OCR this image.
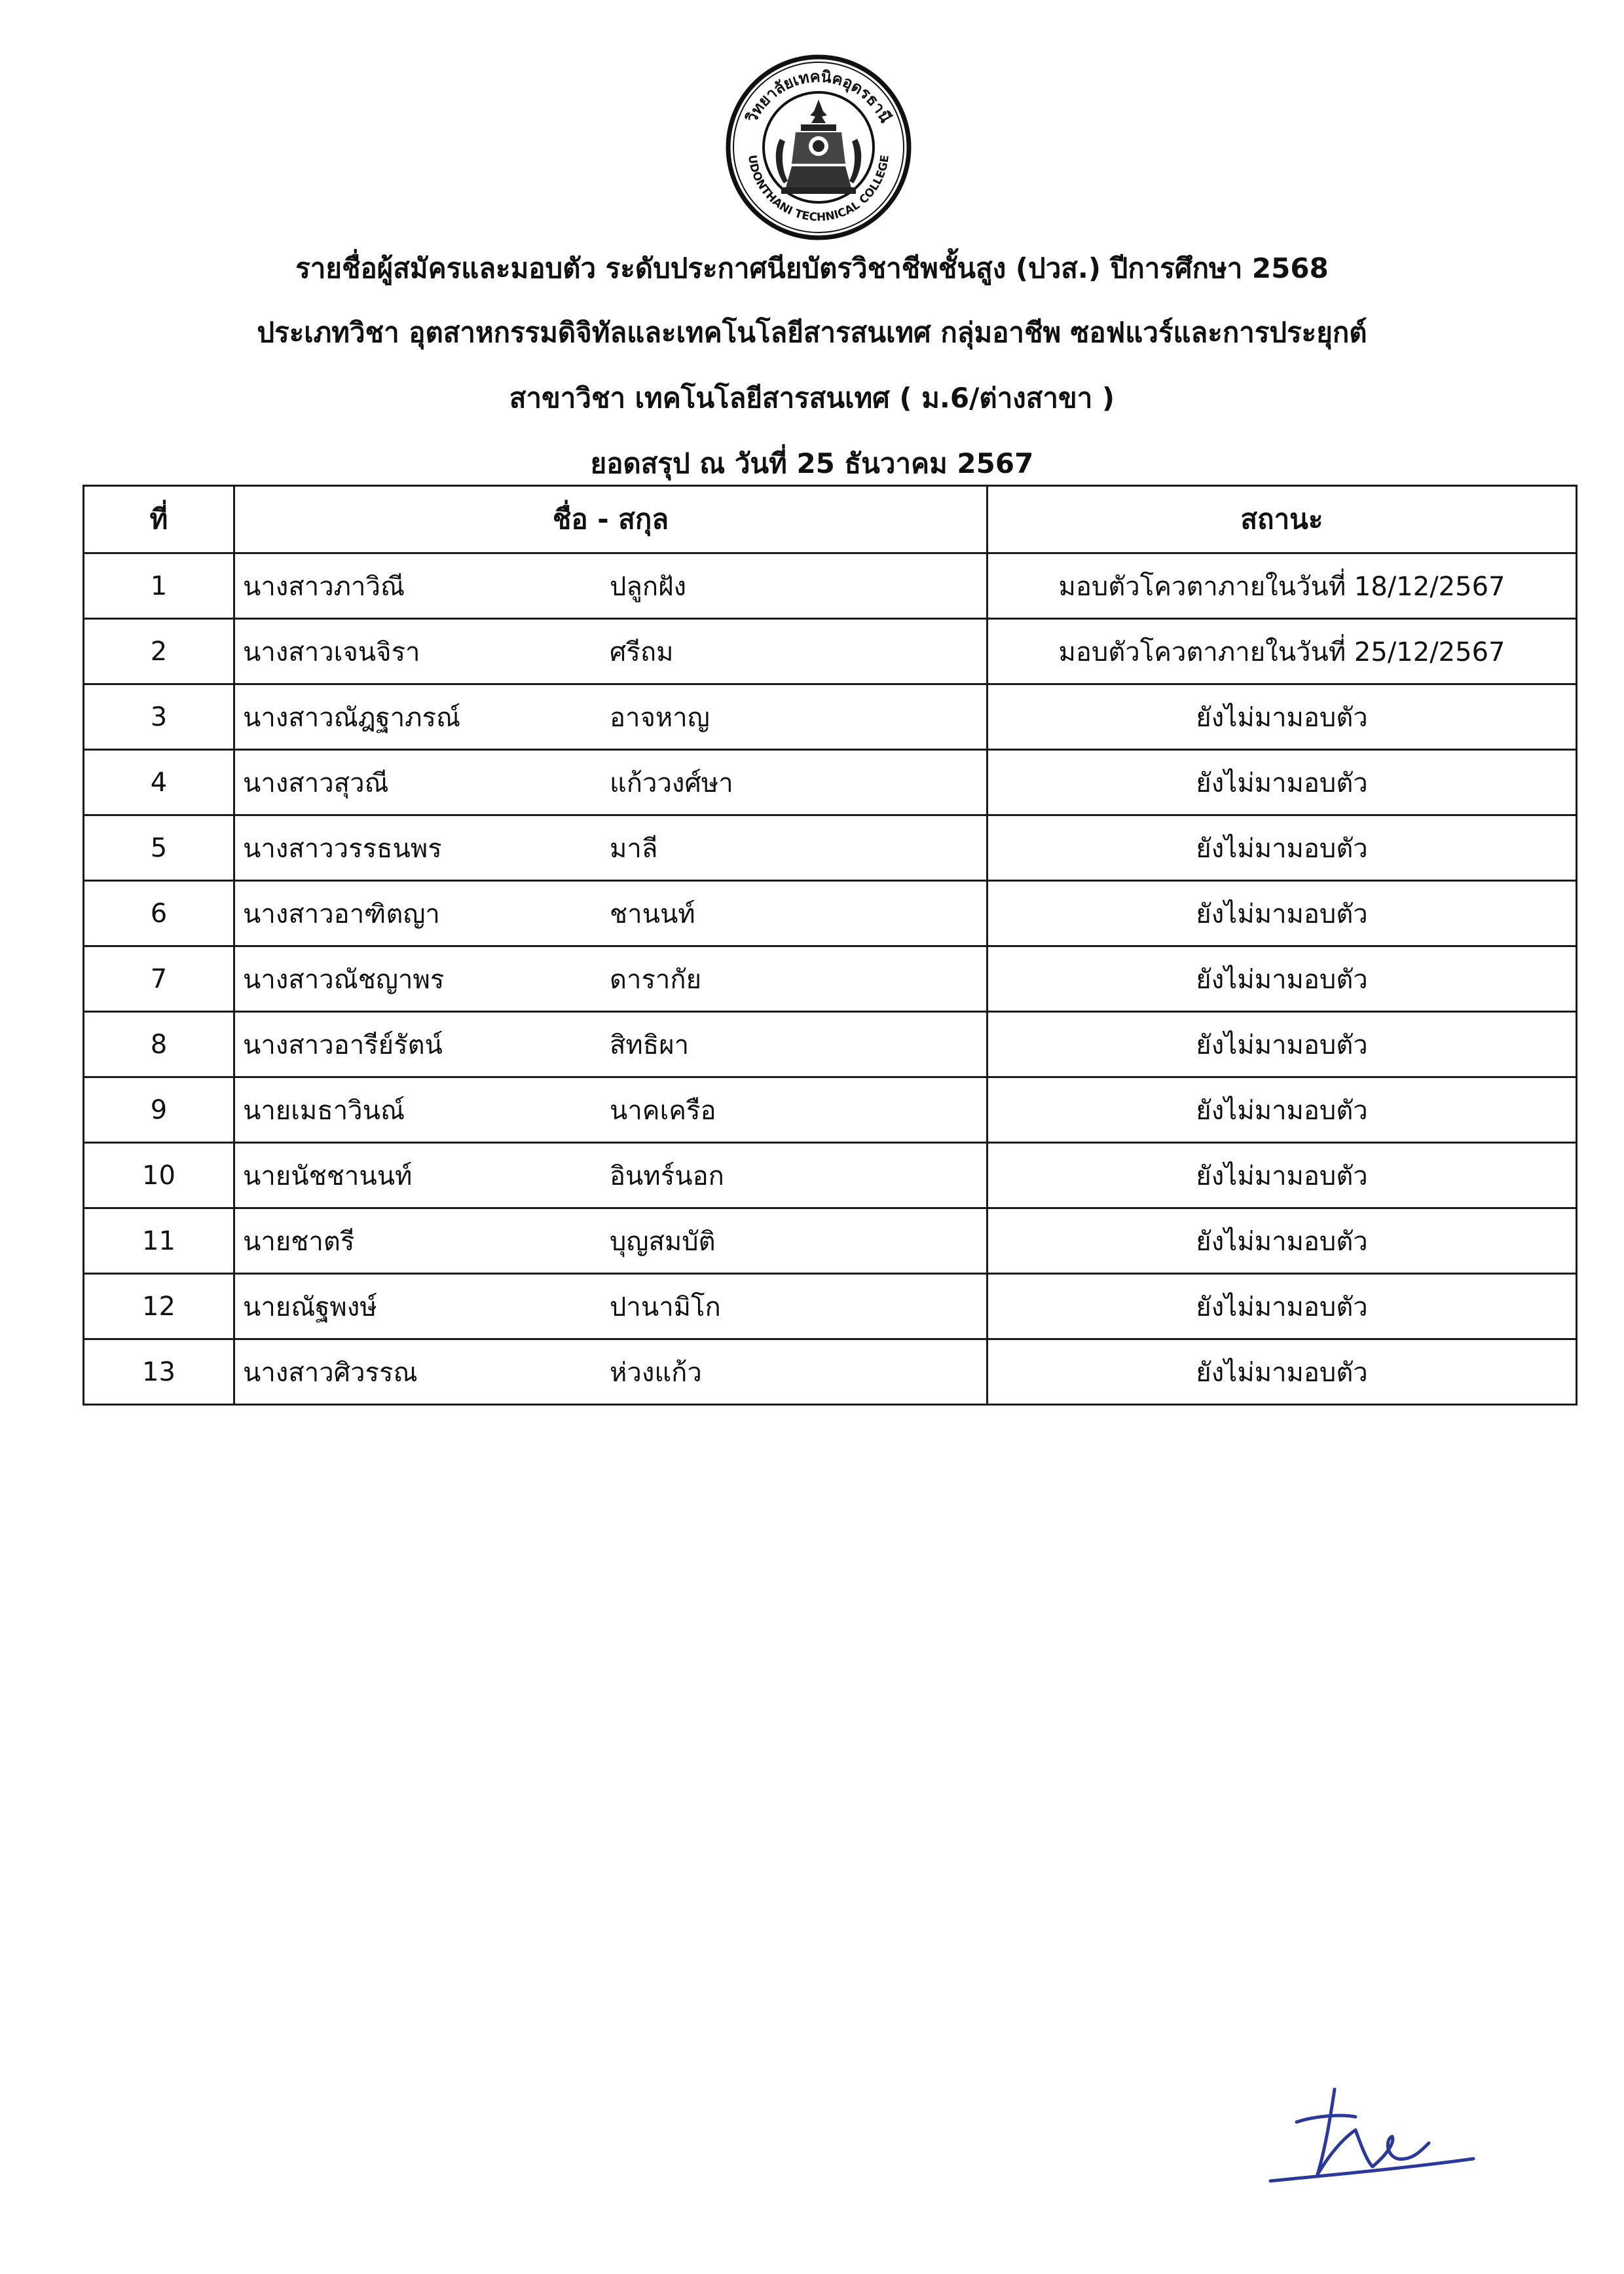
วิทยาลัยเทคนิคอุดรธานี
UDONTHANI TECHNICAL COLLEGE
รายชื่อผู้สมัครและมอบตัว ระดับประกาศนียบัตรวิชาชีพชั้นสูง (ปวส.) ปีการศึกษา 2568
ประเภทวิชา อุตสาหกรรมดิจิทัลและเทคโนโลยีสารสนเทศ กลุ่มอาชีพ ซอฟแวร์และการประยุกต์
สาขาวิชา เทคโนโลยีสารสนเทศ ( ม.6/ต่างสาขา )
ยอดสรุป ณ วันที่ 25 ธันวาคม 2567
ที่	ชื่อ - สกุล	สถานะ
1	นางสาวภาวิณี ปลูกฝัง	มอบตัวโควตาภายในวันที่ 18/12/2567
2	นางสาวเจนจิรา ศรีถม	มอบตัวโควตาภายในวันที่ 25/12/2567
3	นางสาวณัฎฐาภรณ์ อาจหาญ	ยังไม่มามอบตัว
4	นางสาวสุวณี แก้ววงศ์ษา	ยังไม่มามอบตัว
5	นางสาววรรธนพร มาลี	ยังไม่มามอบตัว
6	นางสาวอาฑิตญา ชานนท์	ยังไม่มามอบตัว
7	นางสาวณัชญาพร ดารากัย	ยังไม่มามอบตัว
8	นางสาวอารีย์รัตน์ สิทธิผา	ยังไม่มามอบตัว
9	นายเมธาวินณ์ นาคเครือ	ยังไม่มามอบตัว
10	นายนัชชานนท์ อินทร์นอก	ยังไม่มามอบตัว
11	นายชาตรี บุญสมบัติ	ยังไม่มามอบตัว
12	นายณัฐพงษ์ ปานามิโก	ยังไม่มามอบตัว
13	นางสาวศิวรรณ ห่วงแก้ว	ยังไม่มามอบตัว
